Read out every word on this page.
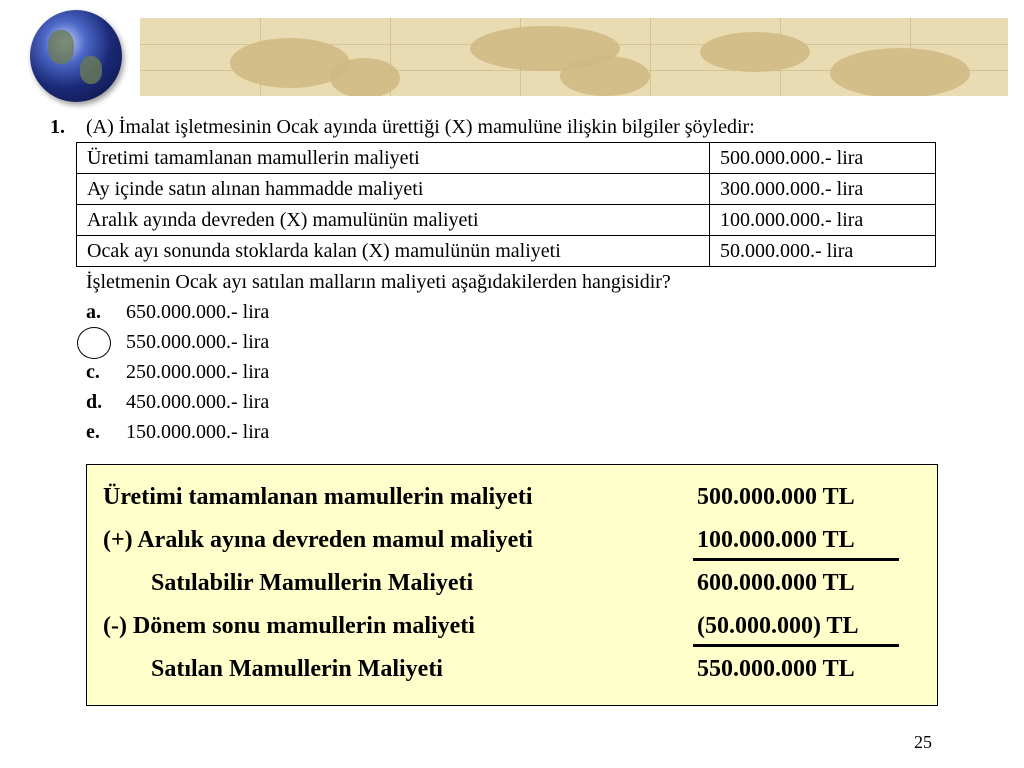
1. (A) İmalat işletmesinin Ocak ayında ürettiği (X) mamulüne ilişkin bilgiler şöyledir:
Üretimi tamamlanan mamullerin maliyeti	500.000.000.- lira
Ay içinde satın alınan hammadde maliyeti	300.000.000.- lira
Aralık ayında devreden (X) mamulünün maliyeti	100.000.000.- lira
Ocak ayı sonunda stoklarda kalan (X) mamulünün maliyeti	50.000.000.- lira
İşletmenin Ocak ayı satılan malların maliyeti aşağıdakilerden hangisidir?
a. 650.000.000.- lira
550.000.000.- lira
c. 250.000.000.- lira
d. 450.000.000.- lira
e. 150.000.000.- lira
Üretimi tamamlanan mamullerin maliyeti	500.000.000 TL
(+) Aralık ayına devreden mamul maliyeti	100.000.000 TL
Satılabilir Mamullerin Maliyeti	600.000.000 TL
(-) Dönem sonu mamullerin maliyeti	(50.000.000) TL
Satılan Mamullerin Maliyeti	550.000.000 TL
25
